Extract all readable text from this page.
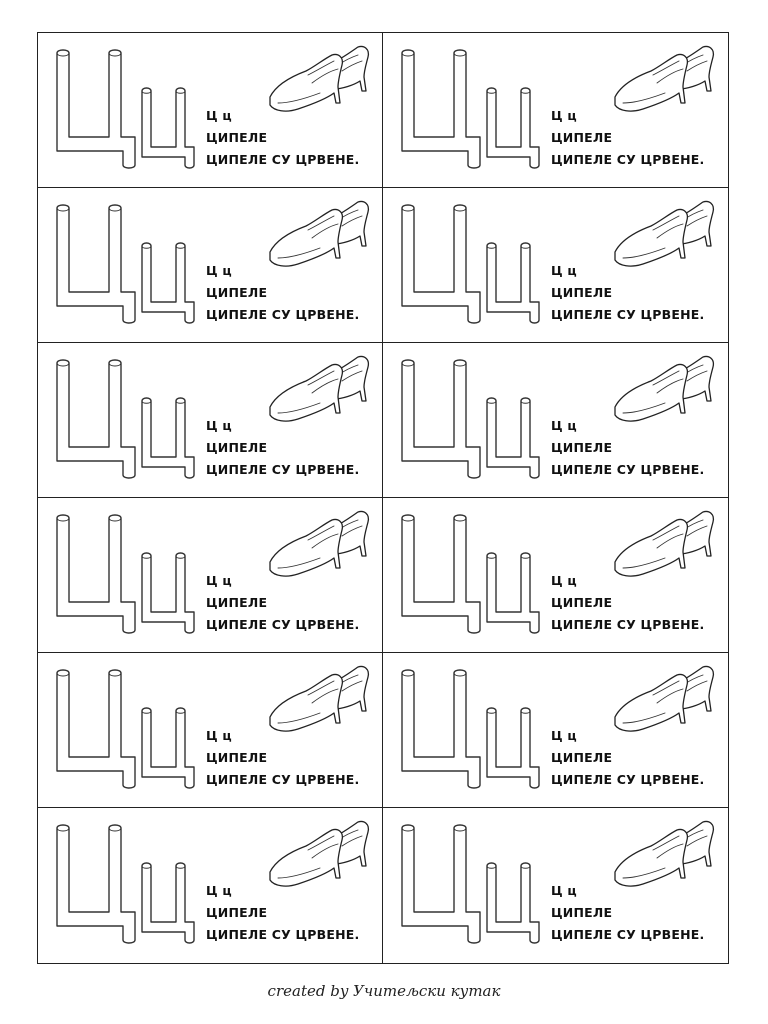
Ц ц
ЦИПЕЛЕ
ЦИПЕЛЕ СУ ЦРВЕНЕ.
Ц ц
ЦИПЕЛЕ
ЦИПЕЛЕ СУ ЦРВЕНЕ.
Ц ц
ЦИПЕЛЕ
ЦИПЕЛЕ СУ ЦРВЕНЕ.
Ц ц
ЦИПЕЛЕ
ЦИПЕЛЕ СУ ЦРВЕНЕ.
Ц ц
ЦИПЕЛЕ
ЦИПЕЛЕ СУ ЦРВЕНЕ.
Ц ц
ЦИПЕЛЕ
ЦИПЕЛЕ СУ ЦРВЕНЕ.
Ц ц
ЦИПЕЛЕ
ЦИПЕЛЕ СУ ЦРВЕНЕ.
Ц ц
ЦИПЕЛЕ
ЦИПЕЛЕ СУ ЦРВЕНЕ.
Ц ц
ЦИПЕЛЕ
ЦИПЕЛЕ СУ ЦРВЕНЕ.
Ц ц
ЦИПЕЛЕ
ЦИПЕЛЕ СУ ЦРВЕНЕ.
Ц ц
ЦИПЕЛЕ
ЦИПЕЛЕ СУ ЦРВЕНЕ.
Ц ц
ЦИПЕЛЕ
ЦИПЕЛЕ СУ ЦРВЕНЕ.
created by Учитељски кутак
